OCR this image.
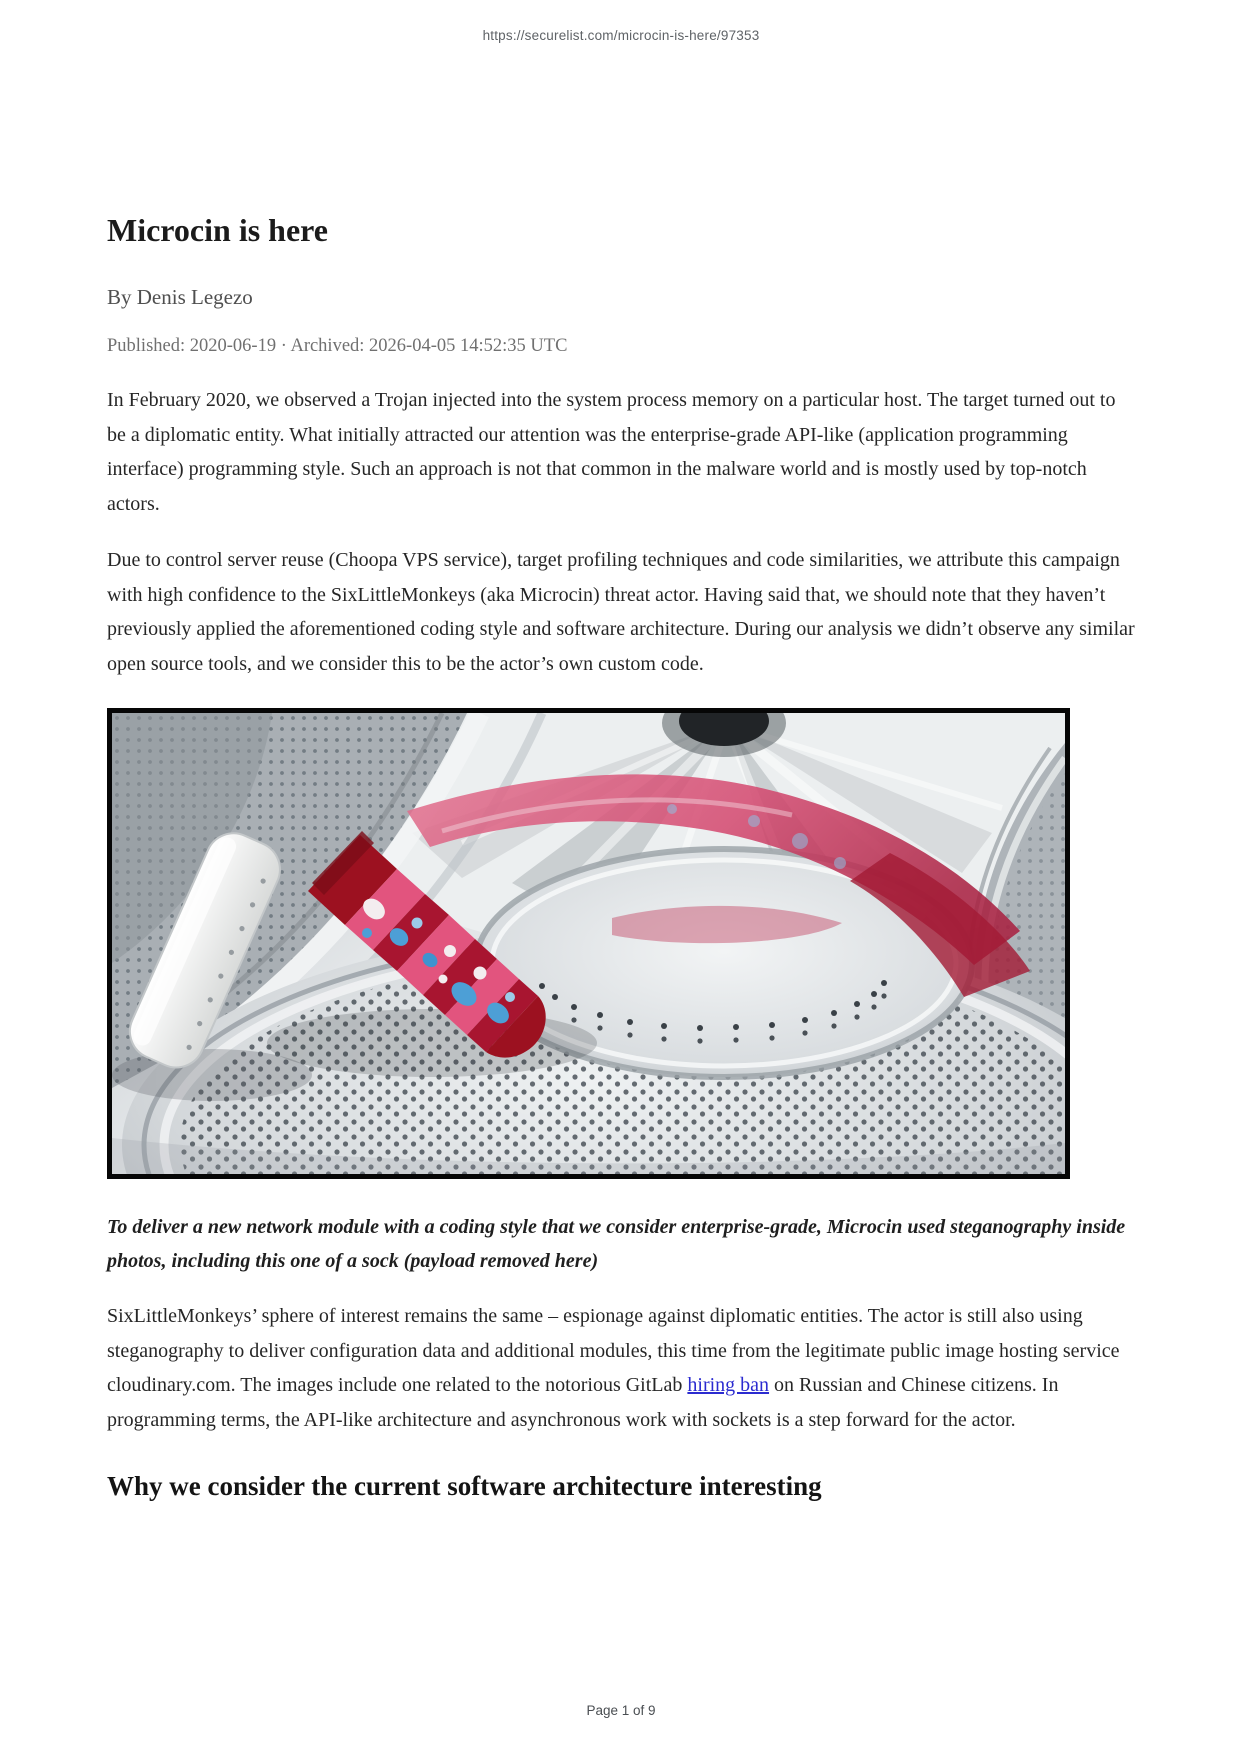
https://securelist.com/microcin-is-here/97353
Microcin is here
By Denis Legezo
Published: 2020-06-19 · Archived: 2026-04-05 14:52:35 UTC

In February 2020, we observed a Trojan injected into the system process memory on a particular host. The target turned out to be a diplomatic entity. What initially attracted our attention was the enterprise-grade API-like (application programming interface) programming style. Such an approach is not that common in the malware world and is mostly used by top-notch actors.

Due to control server reuse (Choopa VPS service), target profiling techniques and code similarities, we attribute this campaign with high confidence to the SixLittleMonkeys (aka Microcin) threat actor. Having said that, we should note that they haven’t previously applied the aforementioned coding style and software architecture. During our analysis we didn’t observe any similar open source tools, and we consider this to be the actor’s own custom code.

To deliver a new network module with a coding style that we consider enterprise-grade, Microcin used steganography inside photos, including this one of a sock (payload removed here)

SixLittleMonkeys’ sphere of interest remains the same – espionage against diplomatic entities. The actor is still also using steganography to deliver configuration data and additional modules, this time from the legitimate public image hosting service cloudinary.com. The images include one related to the notorious GitLab hiring ban on Russian and Chinese citizens. In programming terms, the API-like architecture and asynchronous work with sockets is a step forward for the actor.

Why we consider the current software architecture interesting
Page 1 of 9
